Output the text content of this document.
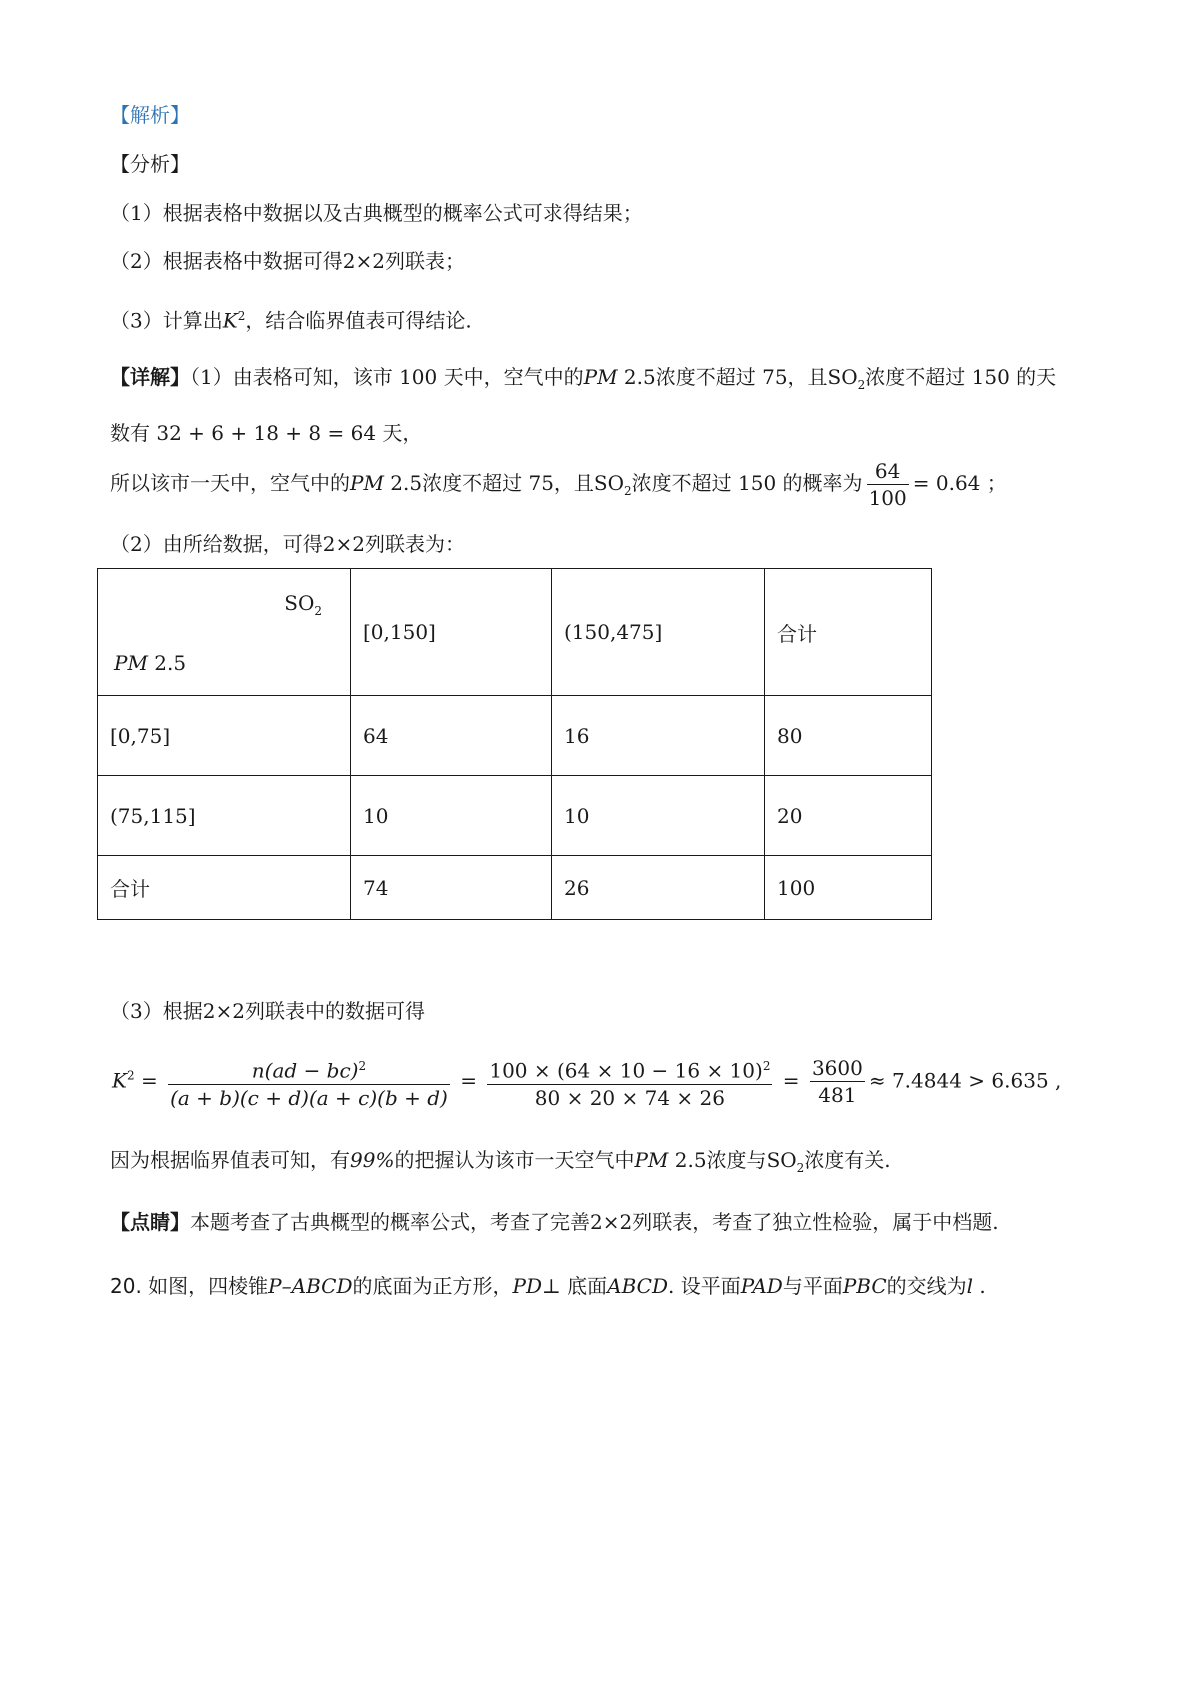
【解析】
【分析】
（1）根据表格中数据以及古典概型的概率公式可求得结果；
（2）根据表格中数据可得2×2列联表；
（3）计算出$K^2$，结合临界值表可得结论.
【详解】（1）由表格可知，该市 100 天中，空气中的PM 2.5浓度不超过 75，且$SO_2$浓度不超过 150 的天
数有 32 + 6 + 18 + 8 = 64 天，
所以该市一天中，空气中的PM 2.5浓度不超过 75，且$SO_2$浓度不超过 150 的概率为 $\frac{64}{100} = 0.64$ ；
（2）由所给数据，可得2×2列联表为：
$SO_2$
PM 2.5	[0,150]	(150,475]	合计
[0,75]	64	16	80
(75,115]	10	10	20
合计	74	26	100
（3）根据2×2列联表中的数据可得
$K^2 = \frac{n(ad - bc)^2}{(a + b)(c + d)(a + c)(b + d)} = \frac{100 \times (64 \times 10 - 16 \times 10)^2}{80 \times 20 \times 74 \times 26} = \frac{3600}{481} \approx 7.4844 > 6.635$ ,
因为根据临界值表可知，有99%的把握认为该市一天空气中PM 2.5浓度与$SO_2$浓度有关.
【点睛】本题考查了古典概型的概率公式，考查了完善2×2列联表，考查了独立性检验，属于中档题.
20. 如图，四棱锥P–ABCD的底面为正方形，PD⊥ 底面ABCD. 设平面PAD与平面PBC的交线为l .
